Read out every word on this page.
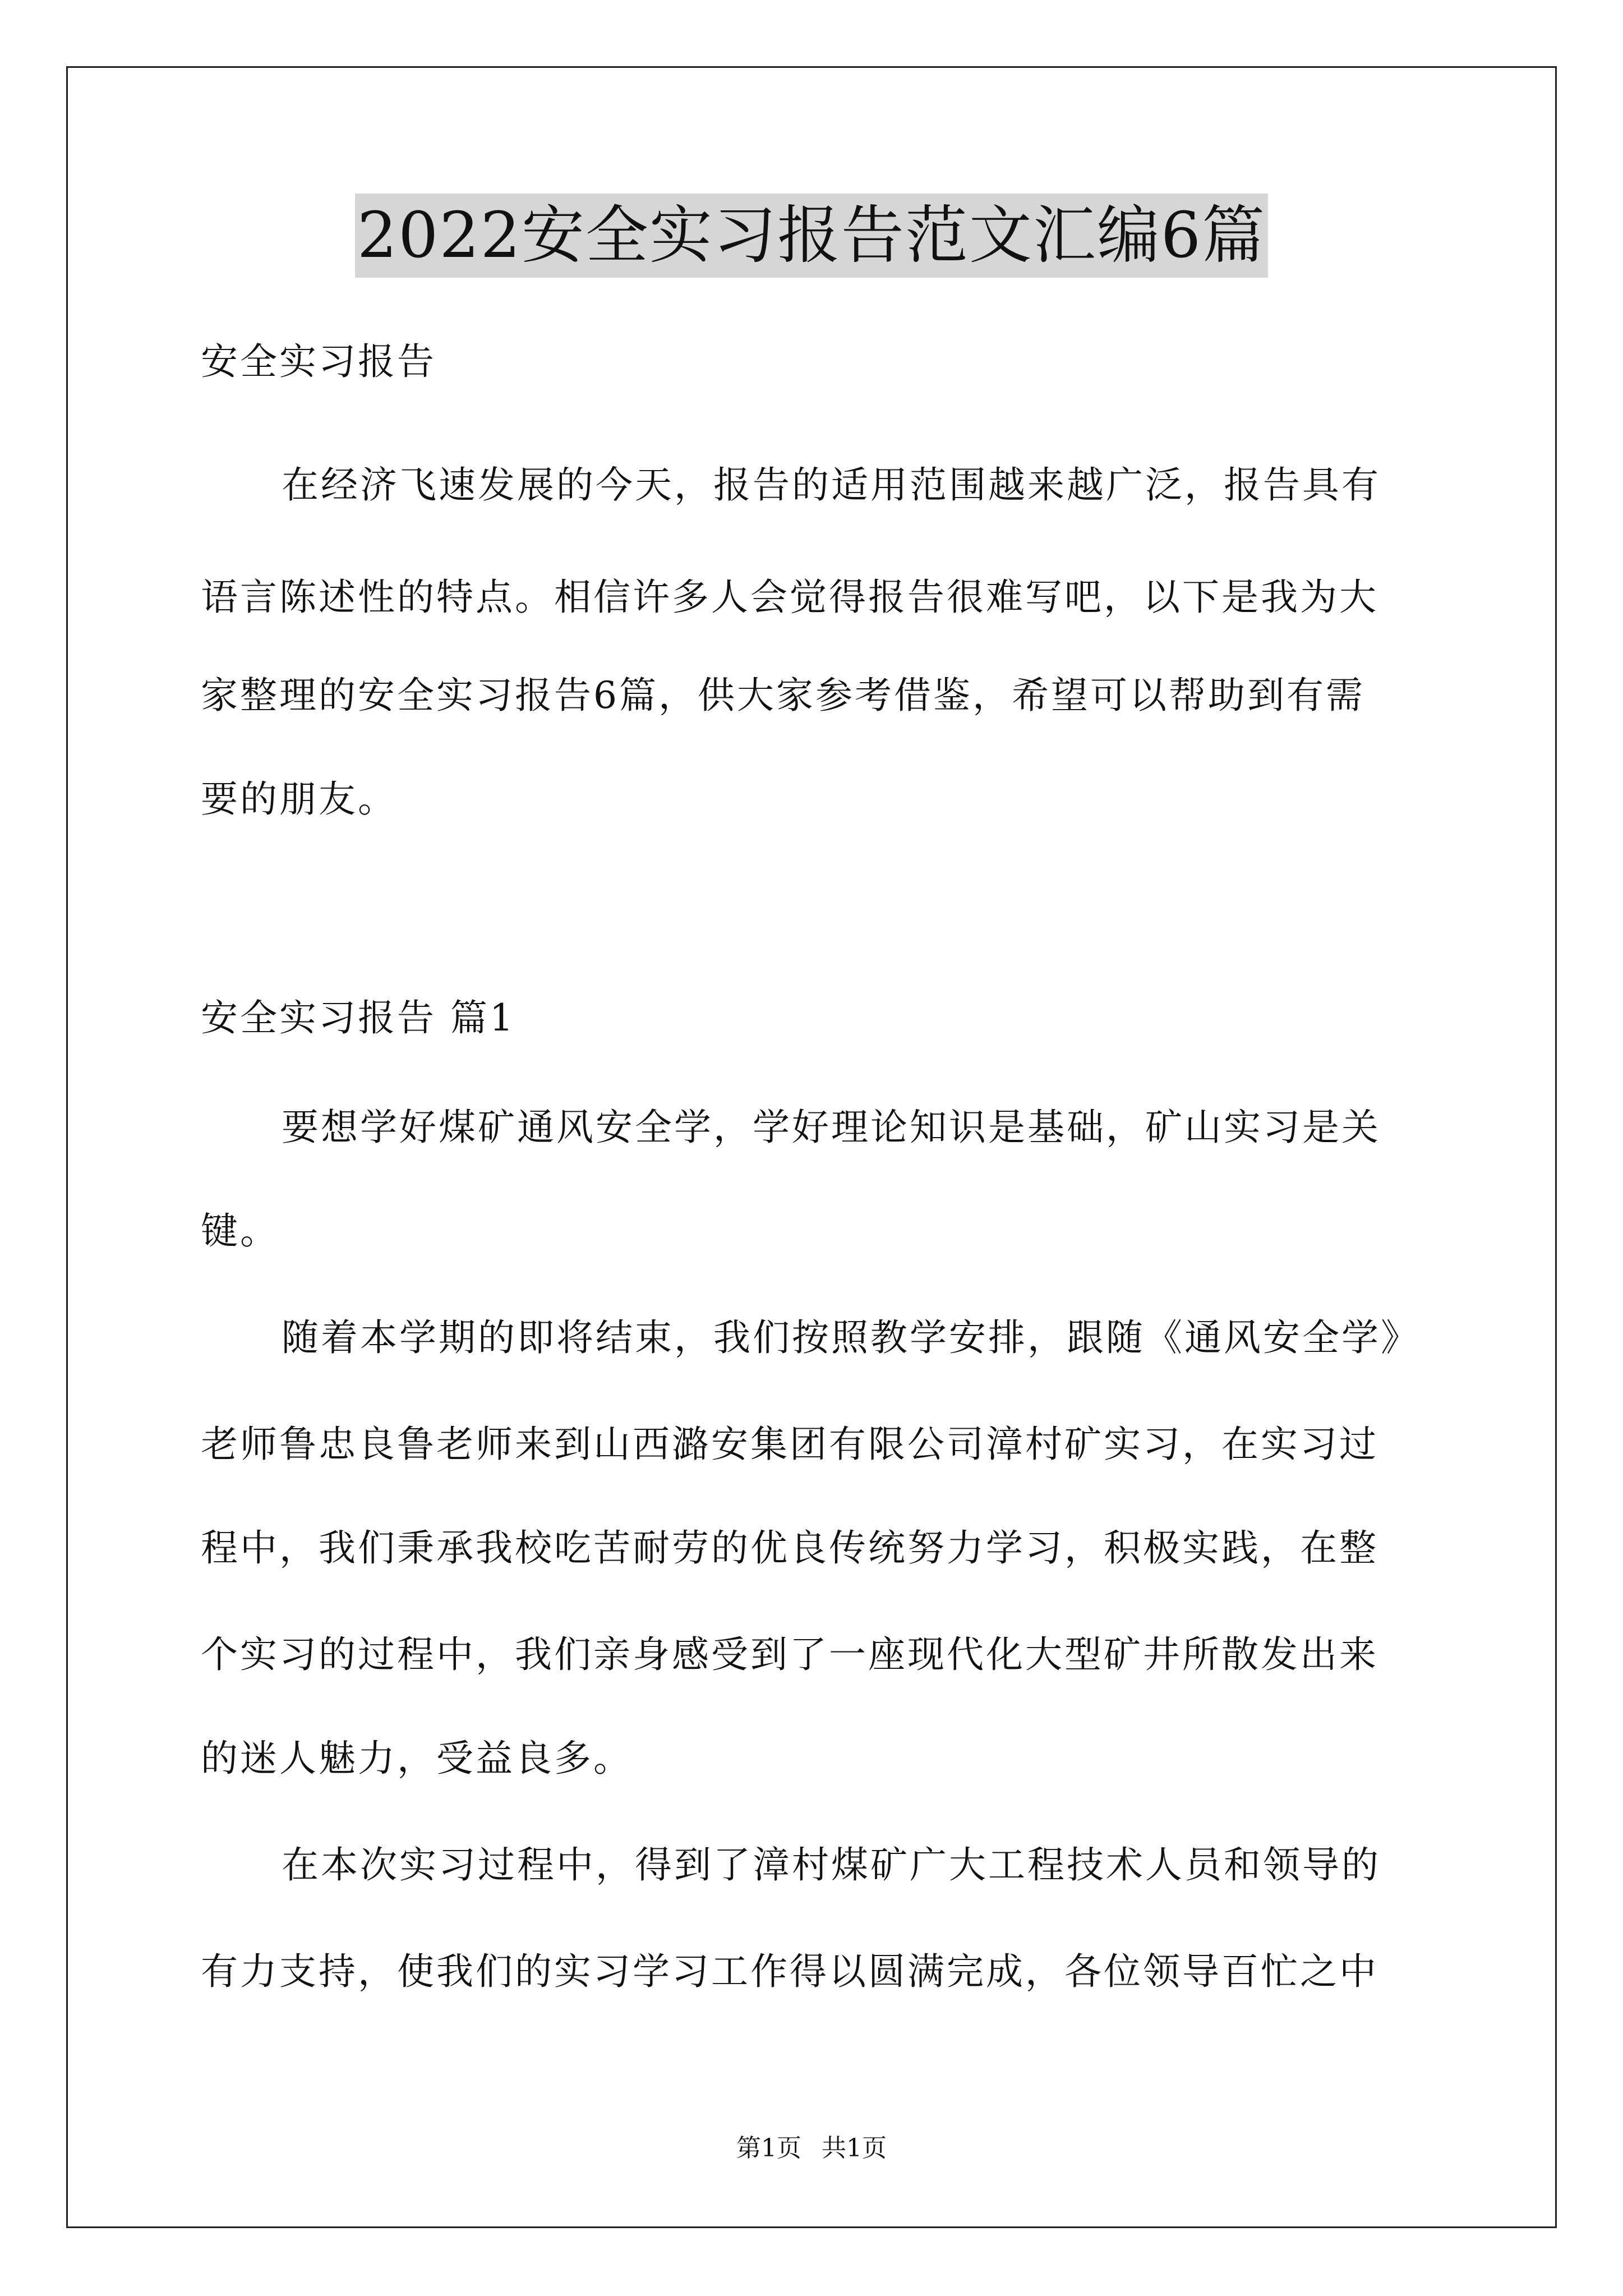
2022安全实习报告范文汇编6篇
安全实习报告
在经济飞速发展的今天，报告的适用范围越来越广泛，报告具有
语言陈述性的特点。相信许多人会觉得报告很难写吧，以下是我为大
家整理的安全实习报告6篇，供大家参考借鉴，希望可以帮助到有需
要的朋友。
安全实习报告 篇1
要想学好煤矿通风安全学，学好理论知识是基础，矿山实习是关
键。
随着本学期的即将结束，我们按照教学安排，跟随《通风安全学》
老师鲁忠良鲁老师来到山西潞安集团有限公司漳村矿实习，在实习过
程中，我们秉承我校吃苦耐劳的优良传统努力学习，积极实践，在整
个实习的过程中，我们亲身感受到了一座现代化大型矿井所散发出来
的迷人魅力，受益良多。
在本次实习过程中，得到了漳村煤矿广大工程技术人员和领导的
有力支持，使我们的实习学习工作得以圆满完成，各位领导百忙之中
第1页 共1页
